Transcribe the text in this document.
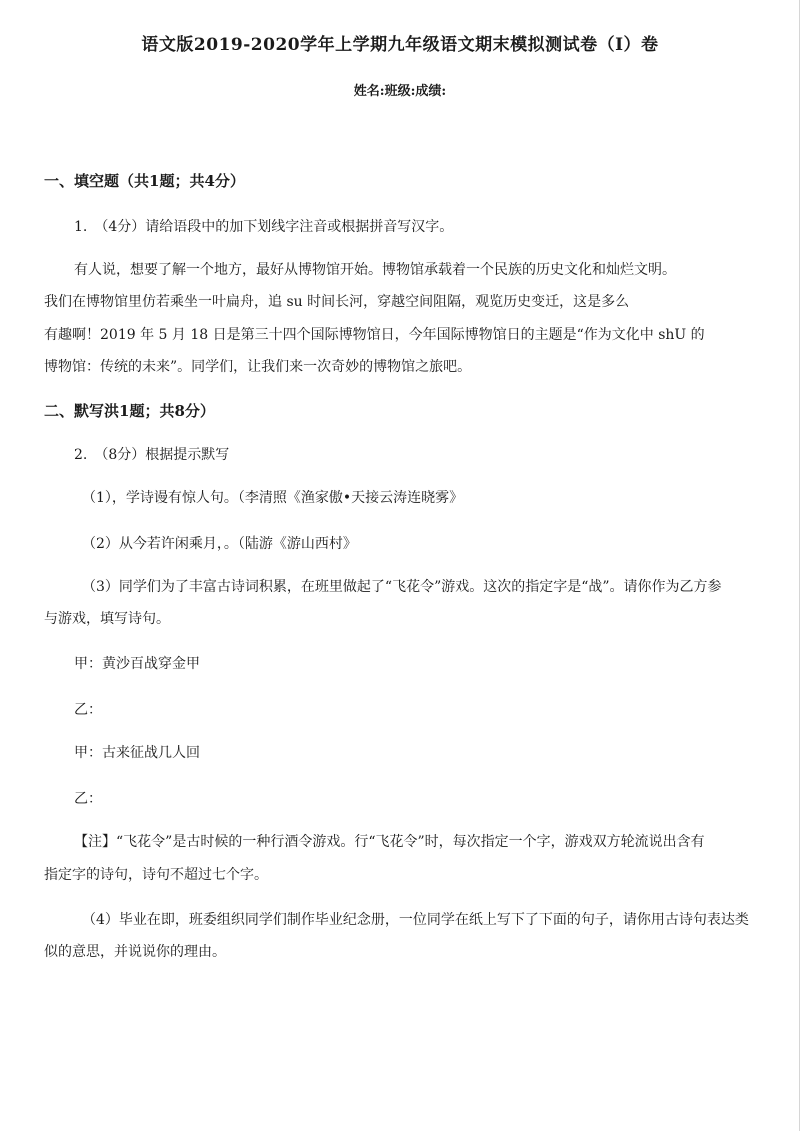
语文版2019-2020学年上学期九年级语文期末模拟测试卷（I）卷
姓名:班级:成绩:
一、填空题（共1题；共4分）
1.　（4分）请给语段中的加下划线字注音或根据拼音写汉字。
有人说，想要了解一个地方，最好从博物馆开始。博物馆承载着一个民族的历史文化和灿烂文明。
我们在博物馆里仿若乘坐一叶扁舟，追 su 时间长河，穿越空间阻隔，观览历史变迁，这是多么
有趣啊！2019 年 5 月 18 日是第三十四个国际博物馆日，今年国际博物馆日的主题是“作为文化中 shU 的
博物馆：传统的未来”。同学们，让我们来一次奇妙的博物馆之旅吧。
二、默写洪1题；共8分）
2.　（8分）根据提示默写
（1），学诗谩有惊人句。（李清照《渔家傲•天接云涛连晓雾》
（2）从今若许闲乘月，。（陆游《游山西村》
（3）同学们为了丰富古诗词积累，在班里做起了“飞花令”游戏。这次的指定字是“战”。请你作为乙方参
与游戏，填写诗句。
甲：黄沙百战穿金甲
乙：
甲：古来征战几人回
乙：
【注】“飞花令”是古时候的一种行酒令游戏。行“飞花令”时，每次指定一个字，游戏双方轮流说出含有
指定字的诗句，诗句不超过七个字。
（4）毕业在即，班委组织同学们制作毕业纪念册，一位同学在纸上写下了下面的句子，请你用古诗句表达类
似的意思，并说说你的理由。
